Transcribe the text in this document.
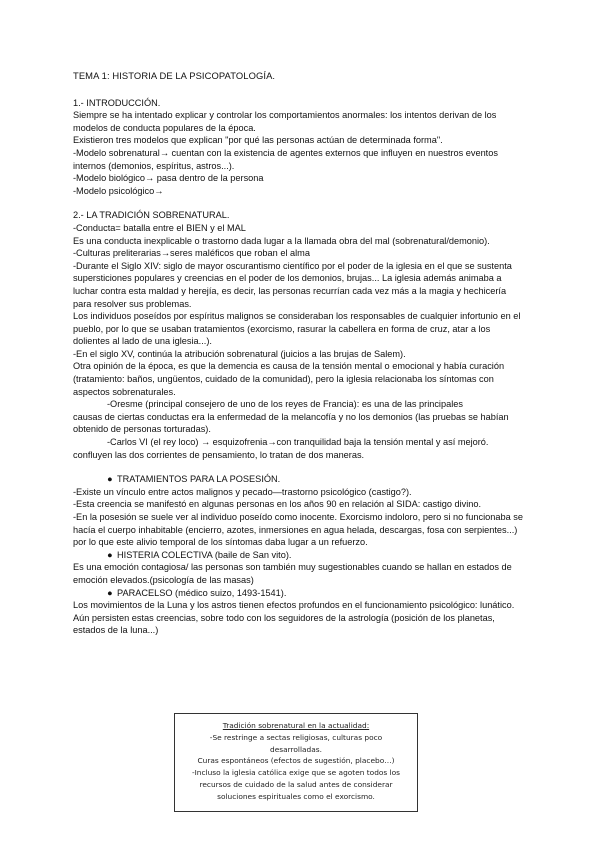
TEMA 1: HISTORIA DE LA PSICOPATOLOGÍA.
1.- INTRODUCCIÓN.
Siempre se ha intentado explicar y controlar los comportamientos anormales: los intentos derivan de los modelos de conducta populares de la época.
Existieron tres modelos que explican "por qué las personas actúan de determinada forma".
-Modelo sobrenatural→ cuentan con la existencia de agentes externos que influyen en nuestros eventos internos (demonios, espíritus, astros...).
-Modelo biológico→ pasa dentro de la persona
-Modelo psicológico→
2.- LA TRADICIÓN SOBRENATURAL.
-Conducta= batalla entre el BIEN y el MAL
Es una conducta inexplicable o trastorno dada lugar a la llamada obra del mal (sobrenatural/demonio).
-Culturas preliterarias→seres maléficos que roban el alma
-Durante el Siglo XIV: siglo de mayor oscurantismo científico por el poder de la iglesia en el que se sustenta supersticiones populares y creencias en el poder de los demonios, brujas... La iglesia además animaba a luchar contra esta maldad y herejía, es decir, las personas recurrían cada vez más a la magia y hechicería para resolver sus problemas.
Los individuos poseídos por espíritus malignos se consideraban los responsables de cualquier infortunio en el pueblo, por lo que se usaban tratamientos (exorcismo, rasurar la cabellera en forma de cruz, atar a los dolientes al lado de una iglesia...).
-En el siglo XV, continúa la atribución sobrenatural (juicios a las brujas de Salem).
Otra opinión de la época, es que la demencia es causa de la tensión mental o emocional y había curación (tratamiento: baños, ungüentos, cuidado de la comunidad), pero la iglesia relacionaba los síntomas con aspectos sobrenaturales.
-Oresme (principal consejero de uno de los reyes de Francia): es una de las principales
causas de ciertas conductas era la enfermedad de la melancofía y no los demonios (las pruebas se habían obtenido de personas torturadas).
-Carlos VI (el rey loco) → esquizofrenia→con tranquilidad baja la tensión mental y así mejoró.
confluyen las dos corrientes de pensamiento, lo tratan de dos maneras.
● TRATAMIENTOS PARA LA POSESIÓN.
-Existe un vínculo entre actos malignos y pecado—trastorno psicológico (castigo?).
-Esta creencia se manifestó en algunas personas en los años 90 en relación al SIDA: castigo divino.
-En la posesión se suele ver al individuo poseído como inocente. Exorcismo indoloro, pero si no funcionaba se hacía el cuerpo inhabitable (encierro, azotes, inmersiones en agua helada, descargas, fosa con serpientes...) por lo que este alivio temporal de los síntomas daba lugar a un refuerzo.
● HISTERIA COLECTIVA (baile de San vito).
Es una emoción contagiosa/ las personas son también muy sugestionables cuando se hallan en estados de emoción elevados.(psicología de las masas)
● PARACELSO (médico suizo, 1493-1541).
Los movimientos de la Luna y los astros tienen efectos profundos en el funcionamiento psicológico: lunático.
Aún persisten estas creencias, sobre todo con los seguidores de la astrología (posición de los planetas, estados de la luna...)
Tradición sobrenatural en la actualidad:
-Se restringe a sectas religiosas, culturas poco
desarrolladas.
Curas espontáneos (efectos de sugestión, placebo…)
-Incluso la iglesia católica exige que se agoten todos los
recursos de cuidado de la salud antes de considerar
soluciones espirituales como el exorcismo.
